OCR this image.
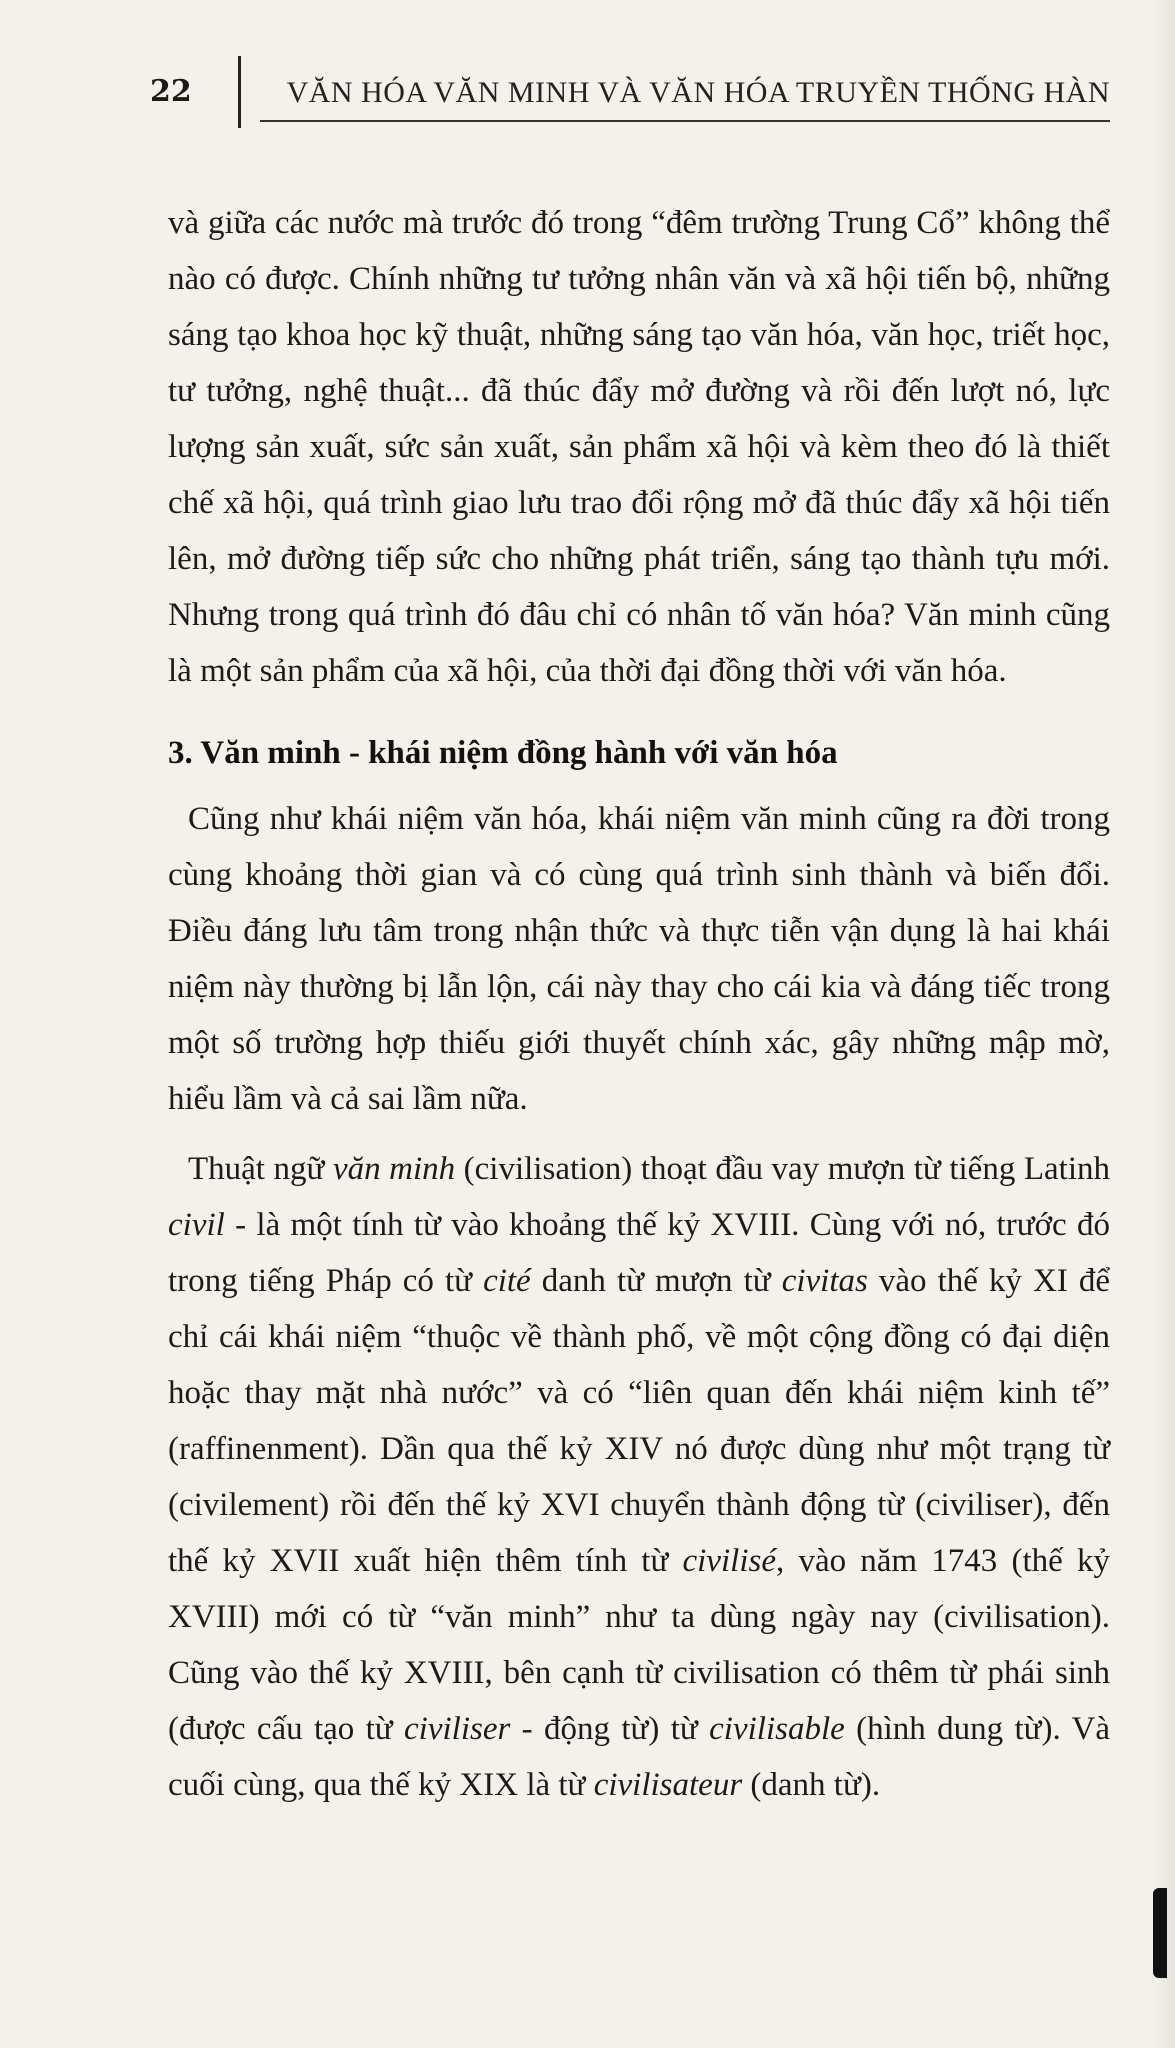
22	VĂN HÓA VĂN MINH VÀ VĂN HÓA TRUYỀN THỐNG HÀN

và giữa các nước mà trước đó trong “đêm trường Trung Cổ” không thể nào có được. Chính những tư tưởng nhân văn và xã hội tiến bộ, những sáng tạo khoa học kỹ thuật, những sáng tạo văn hóa, văn học, triết học, tư tưởng, nghệ thuật... đã thúc đẩy mở đường và rồi đến lượt nó, lực lượng sản xuất, sức sản xuất, sản phẩm xã hội và kèm theo đó là thiết chế xã hội, quá trình giao lưu trao đổi rộng mở đã thúc đẩy xã hội tiến lên, mở đường tiếp sức cho những phát triển, sáng tạo thành tựu mới. Nhưng trong quá trình đó đâu chỉ có nhân tố văn hóa? Văn minh cũng là một sản phẩm của xã hội, của thời đại đồng thời với văn hóa.

3. Văn minh - khái niệm đồng hành với văn hóa

Cũng như khái niệm văn hóa, khái niệm văn minh cũng ra đời trong cùng khoảng thời gian và có cùng quá trình sinh thành và biến đổi. Điều đáng lưu tâm trong nhận thức và thực tiễn vận dụng là hai khái niệm này thường bị lẫn lộn, cái này thay cho cái kia và đáng tiếc trong một số trường hợp thiếu giới thuyết chính xác, gây những mập mờ, hiểu lầm và cả sai lầm nữa.

Thuật ngữ văn minh (civilisation) thoạt đầu vay mượn từ tiếng Latinh civil - là một tính từ vào khoảng thế kỷ XVIII. Cùng với nó, trước đó trong tiếng Pháp có từ cité danh từ mượn từ civitas vào thế kỷ XI để chỉ cái khái niệm “thuộc về thành phố, về một cộng đồng có đại diện hoặc thay mặt nhà nước” và có “liên quan đến khái niệm kinh tế” (raffinenment). Dần qua thế kỷ XIV nó được dùng như một trạng từ (civilement) rồi đến thế kỷ XVI chuyển thành động từ (civiliser), đến thế kỷ XVII xuất hiện thêm tính từ civilisé, vào năm 1743 (thế kỷ XVIII) mới có từ “văn minh” như ta dùng ngày nay (civilisation). Cũng vào thế kỷ XVIII, bên cạnh từ civilisation có thêm từ phái sinh (được cấu tạo từ civiliser - động từ) từ civilisable (hình dung từ). Và cuối cùng, qua thế kỷ XIX là từ civilisateur (danh từ).
